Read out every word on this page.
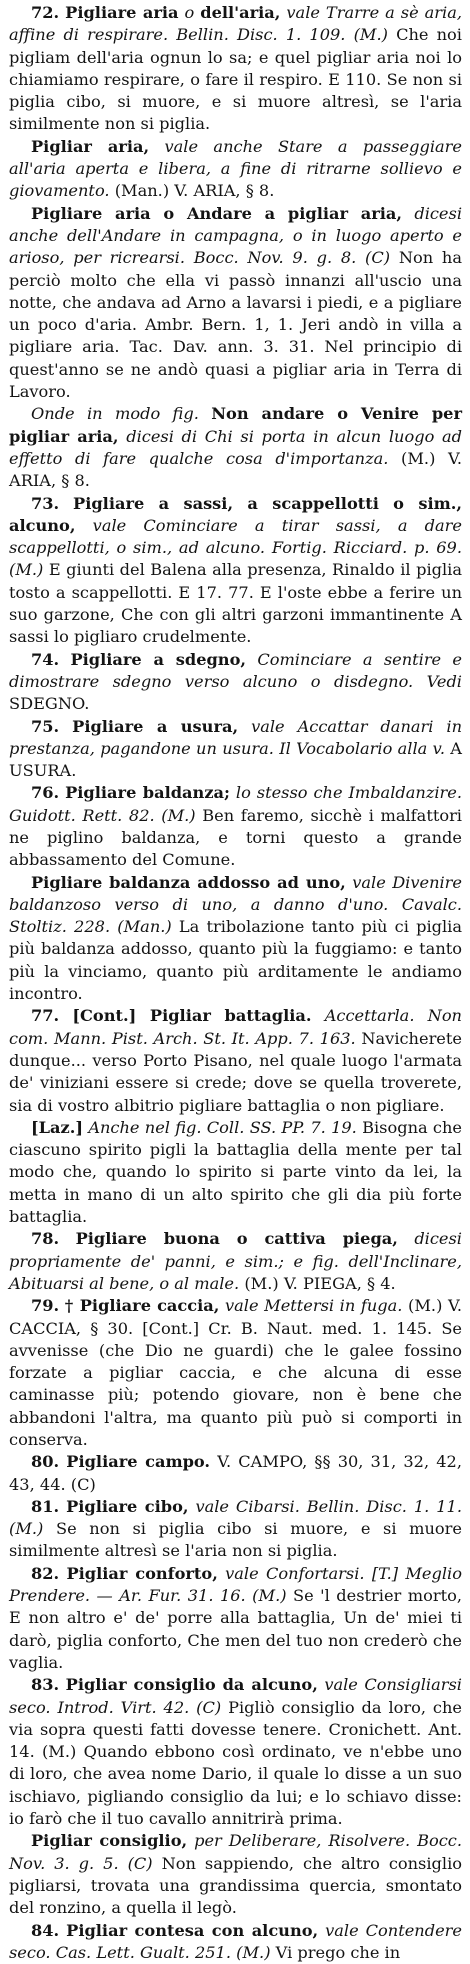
72. Pigliare aria o dell'aria, vale Trarre a sè aria, affine di respirare. Bellin. Disc. 1. 109. (M.) Che noi pigliam dell'aria ognun lo sa; e quel pigliar aria noi lo chiamiamo respirare, o fare il respiro. E 110. Se non si piglia cibo, si muore, e si muore altresì, se l'aria similmente non si piglia.

Pigliar aria, vale anche Stare a passeggiare all'aria aperta e libera, a fine di ritrarne sollievo e giovamento. (Man.) V. ARIA, § 8.

Pigliare aria o Andare a pigliar aria, dicesi anche dell'Andare in campagna, o in luogo aperto e arioso, per ricrearsi. Bocc. Nov. 9. g. 8. (C) Non ha perciò molto che ella vi passò innanzi all'uscio una notte, che andava ad Arno a lavarsi i piedi, e a pigliare un poco d'aria. Ambr. Bern. 1, 1. Jeri andò in villa a pigliare aria. Tac. Dav. ann. 3. 31. Nel principio di quest'anno se ne andò quasi a pigliar aria in Terra di Lavoro.

Onde in modo fig. Non andare o Venire per pigliar aria, dicesi di Chi si porta in alcun luogo ad effetto di fare qualche cosa d'importanza. (M.) V. ARIA, § 8.

73. Pigliare a sassi, a scappellotti o sim., alcuno, vale Cominciare a tirar sassi, a dare scappellotti, o sim., ad alcuno. Fortig. Ricciard. p. 69. (M.) E giunti del Balena alla presenza, Rinaldo il piglia tosto a scappellotti. E 17. 77. E l'oste ebbe a ferire un suo garzone, Che con gli altri garzoni immantinente A sassi lo pigliaro crudelmente.

74. Pigliare a sdegno, Cominciare a sentire e dimostrare sdegno verso alcuno o disdegno. Vedi SDEGNO.

75. Pigliare a usura, vale Accattar danari in prestanza, pagandone un usura. Il Vocabolario alla v. A USURA.

76. Pigliare baldanza; lo stesso che Imbaldanzire. Guidott. Rett. 82. (M.) Ben faremo, sicchè i malfattori ne piglino baldanza, e torni questo a grande abbassamento del Comune.

Pigliare baldanza addosso ad uno, vale Divenire baldanzoso verso di uno, a danno d'uno. Cavalc. Stoltiz. 228. (Man.) La tribolazione tanto più ci piglia più baldanza addosso, quanto più la fuggiamo: e tanto più la vinciamo, quanto più arditamente le andiamo incontro.

77. [Cont.] Pigliar battaglia. Accettarla. Non com. Mann. Pist. Arch. St. It. App. 7. 163. Navicherete dunque... verso Porto Pisano, nel quale luogo l'armata de' viniziani essere si crede; dove se quella troverete, sia di vostro albitrio pigliare battaglia o non pigliare.

[Laz.] Anche nel fig. Coll. SS. PP. 7. 19. Bisogna che ciascuno spirito pigli la battaglia della mente per tal modo che, quando lo spirito si parte vinto da lei, la metta in mano di un alto spirito che gli dia più forte battaglia.

78. Pigliare buona o cattiva piega, dicesi propriamente de' panni, e sim.; e fig. dell'Inclinare, Abituarsi al bene, o al male. (M.) V. PIEGA, § 4.

79. † Pigliare caccia, vale Mettersi in fuga. (M.) V. CACCIA, § 30. [Cont.] Cr. B. Naut. med. 1. 145. Se avvenisse (che Dio ne guardi) che le galee fossino forzate a pigliar caccia, e che alcuna di esse caminasse più; potendo giovare, non è bene che abbandoni l'altra, ma quanto più può si comporti in conserva.

80. Pigliare campo. V. CAMPO, §§ 30, 31, 32, 42, 43, 44. (C)

81. Pigliare cibo, vale Cibarsi. Bellin. Disc. 1. 11. (M.) Se non si piglia cibo si muore, e si muore similmente altresì se l'aria non si piglia.

82. Pigliar conforto, vale Confortarsi. [T.] Meglio Prendere. — Ar. Fur. 31. 16. (M.) Se 'l destrier morto, E non altro e' de' porre alla battaglia, Un de' miei ti darò, piglia conforto, Che men del tuo non crederò che vaglia.

83. Pigliar consiglio da alcuno, vale Consigliarsi seco. Introd. Virt. 42. (C) Pigliò consiglio da loro, che via sopra questi fatti dovesse tenere. Cronichett. Ant. 14. (M.) Quando ebbono così ordinato, ve n'ebbe uno di loro, che avea nome Dario, il quale lo disse a un suo ischiavo, pigliando consiglio da lui; e lo schiavo disse: io farò che il tuo cavallo annitrirà prima.

Pigliar consiglio, per Deliberare, Risolvere. Bocc. Nov. 3. g. 5. (C) Non sappiendo, che altro consiglio pigliarsi, trovata una grandissima quercia, smontato del ronzino, a quella il legò.

84. Pigliar contesa con alcuno, vale Contendere seco. Cas. Lett. Gualt. 251. (M.) Vi prego che in
